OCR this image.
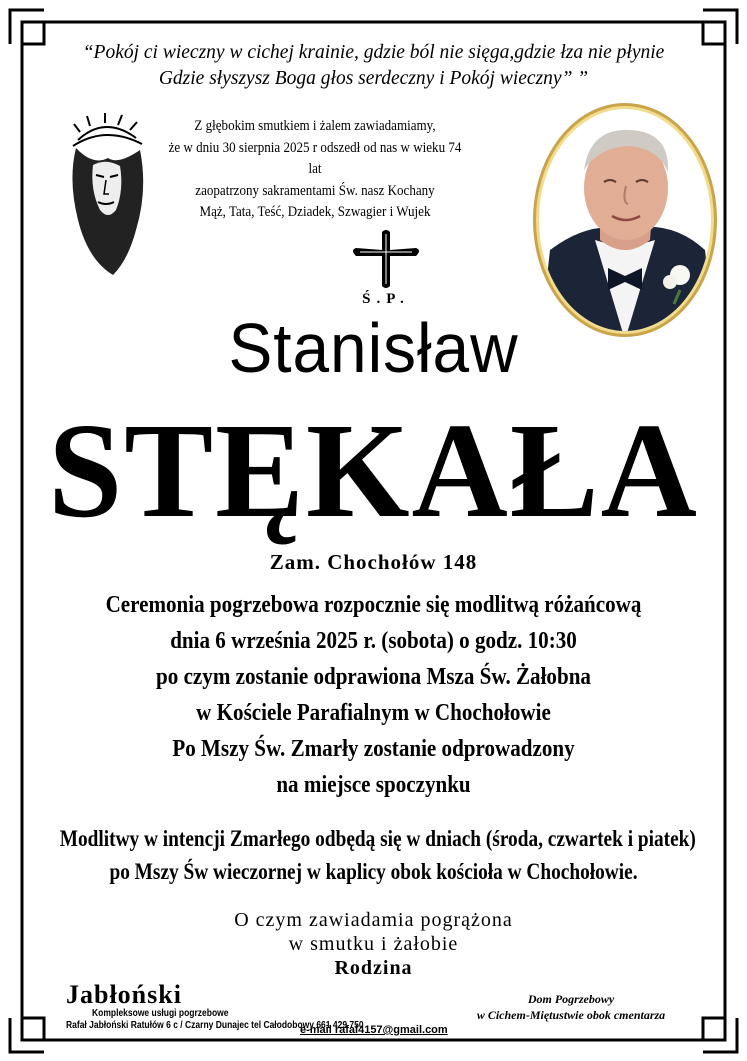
“Pokój ci wieczny w cichej krainie, gdzie ból nie sięga,gdzie łza nie płynie
Gdzie słyszysz Boga głos serdeczny i Pokój wieczny” ”
Z głębokim smutkiem i żalem zawiadamiamy,
że w dniu 30 sierpnia 2025 r odszedł od nas w wieku 74 lat
zaopatrzony sakramentami Św. nasz Kochany
Mąż, Tata, Teść, Dziadek, Szwagier i Wujek
Ś.P.
Stanisław
STĘKAŁA
Zam. Chochołów 148
Ceremonia pogrzebowa rozpocznie się modlitwą różańcową
dnia 6 września 2025 r. (sobota) o godz. 10:30
po czym zostanie odprawiona Msza Św. Żałobna
w Kościele Parafialnym w Chochołowie
Po Mszy Św. Zmarły zostanie odprowadzony
na miejsce spoczynku
Modlitwy w intencji Zmarłego odbędą się w dniach (środa, czwartek i piatek)
po Mszy Św wieczornej w kaplicy obok kościoła w Chochołowie.
O czym zawiadamia pogrążona
w smutku i żałobie
Rodzina
Jabłoński
Kompleksowe usługi pogrzebowe
Rafał Jabłoński Ratułów 6 c / Czarny Dunajec tel Całodobowy 661 429 750
e-mail rafal4157@gmail.com
Dom Pogrzebowy
w Cichem-Miętustwie obok cmentarza
